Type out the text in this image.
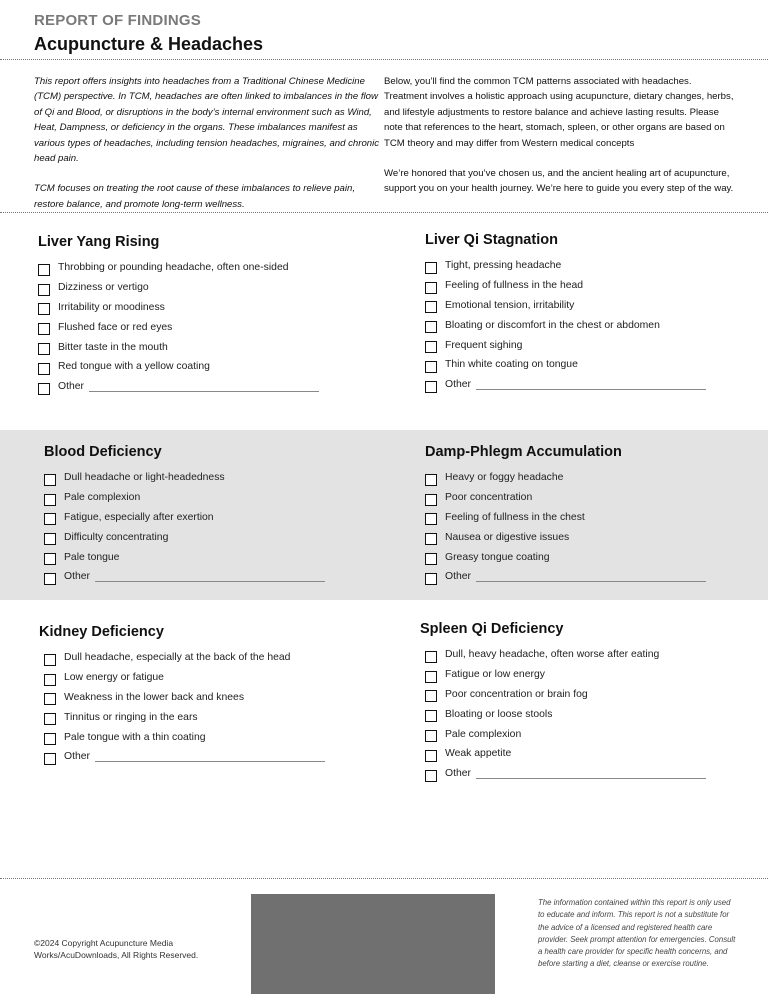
REPORT OF FINDINGS
Acupuncture & Headaches

This report offers insights into headaches from a Traditional Chinese Medicine (TCM) perspective. In TCM, headaches are often linked to imbalances in the flow of Qi and Blood, or disruptions in the body’s internal environment such as Wind, Heat, Dampness, or deficiency in the organs. These imbalances manifest as various types of headaches, including tension headaches, migraines, and chronic head pain.

TCM focuses on treating the root cause of these imbalances to relieve pain, restore balance, and promote long-term wellness.

Below, you’ll find the common TCM patterns associated with headaches. Treatment involves a holistic approach using acupuncture, dietary changes, herbs, and lifestyle adjustments to restore balance and achieve lasting results. Please note that references to the heart, stomach, spleen, or other organs are based on TCM theory and may differ from Western medical concepts

We’re honored that you’ve chosen us, and the ancient healing art of acupuncture, support you on your health journey. We’re here to guide you every step of the way.

Liver Yang Rising
Throbbing or pounding headache, often one-sided
Dizziness or vertigo
Irritability or moodiness
Flushed face or red eyes
Bitter taste in the mouth
Red tongue with a yellow coating
Other
Liver Qi Stagnation
Tight, pressing headache
Feeling of fullness in the head
Emotional tension, irritability
Bloating or discomfort in the chest or abdomen
Frequent sighing
Thin white coating on tongue
Other
Blood Deficiency
Dull headache or light-headedness
Pale complexion
Fatigue, especially after exertion
Difficulty concentrating
Pale tongue
Other
Damp-Phlegm Accumulation
Heavy or foggy headache
Poor concentration
Feeling of fullness in the chest
Nausea or digestive issues
Greasy tongue coating
Other
Kidney Deficiency
Dull headache, especially at the back of the head
Low energy or fatigue
Weakness in the lower back and knees
Tinnitus or ringing in the ears
Pale tongue with a thin coating
Other
Spleen Qi Deficiency
Dull, heavy headache, often worse after eating
Fatigue or low energy
Poor concentration or brain fog
Bloating or loose stools
Pale complexion
Weak appetite
Other
©2024 Copyright Acupuncture Media Works/AcuDownloads, All Rights Reserved.
The information contained within this report is only used to educate and inform. This report is not a substitute for the advice of a licensed and registered health care provider. Seek prompt attention for emergencies. Consult a health care provider for specific health concerns, and before starting a diet, cleanse or exercise routine.
